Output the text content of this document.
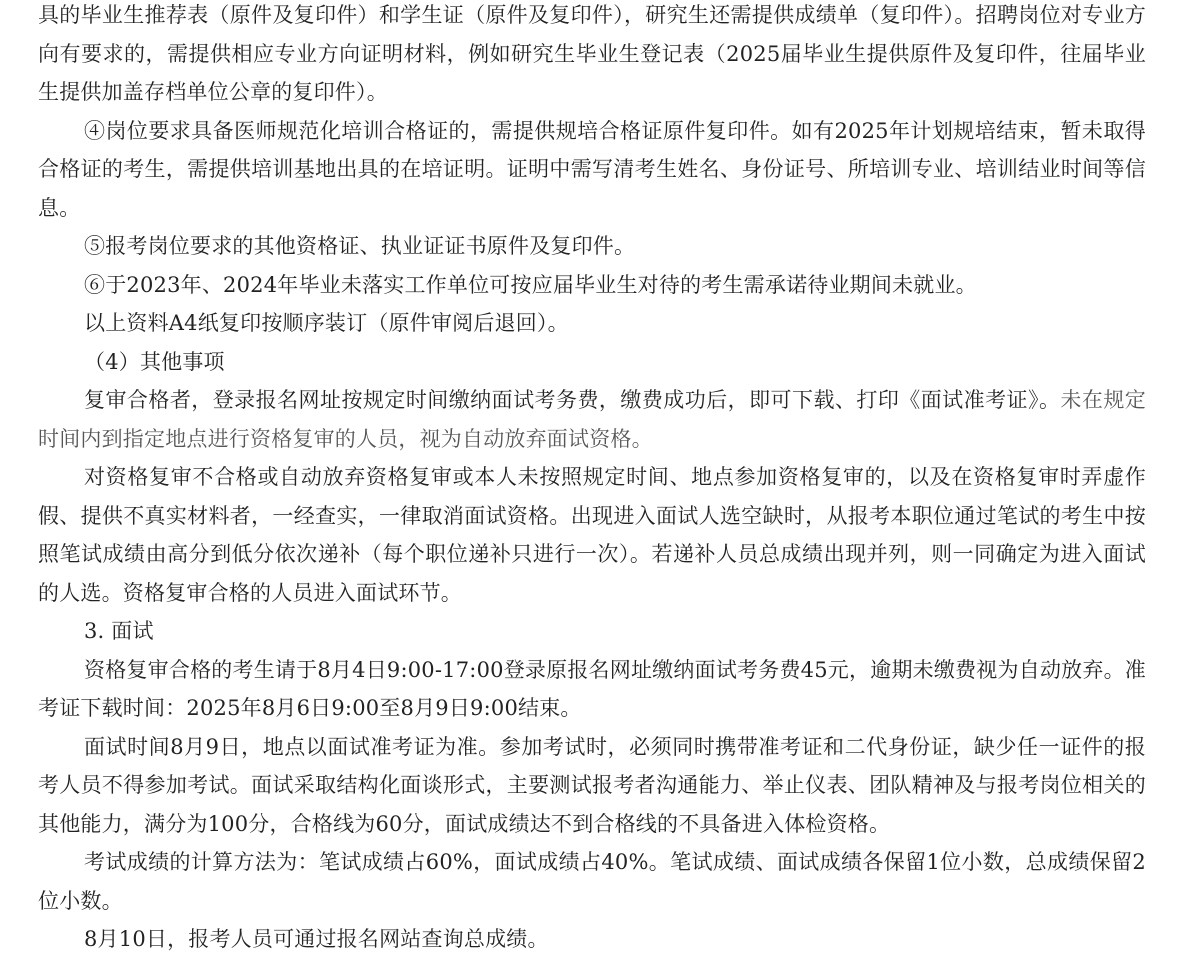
具的毕业生推荐表（原件及复印件）和学生证（原件及复印件），研究生还需提供成绩单（复印件）。招聘岗位对专业方向有要求的，需提供相应专业方向证明材料，例如研究生毕业生登记表（2025届毕业生提供原件及复印件，往届毕业生提供加盖存档单位公章的复印件）。

④岗位要求具备医师规范化培训合格证的，需提供规培合格证原件复印件。如有2025年计划规培结束，暂未取得合格证的考生，需提供培训基地出具的在培证明。证明中需写清考生姓名、身份证号、所培训专业、培训结业时间等信息。

⑤报考岗位要求的其他资格证、执业证证书原件及复印件。

⑥于2023年、2024年毕业未落实工作单位可按应届毕业生对待的考生需承诺待业期间未就业。

以上资料A4纸复印按顺序装订（原件审阅后退回）。

（4）其他事项

复审合格者，登录报名网址按规定时间缴纳面试考务费，缴费成功后，即可下载、打印《面试准考证》。未在规定时间内到指定地点进行资格复审的人员，视为自动放弃面试资格。

对资格复审不合格或自动放弃资格复审或本人未按照规定时间、地点参加资格复审的，以及在资格复审时弄虚作假、提供不真实材料者，一经查实，一律取消面试资格。出现进入面试人选空缺时，从报考本职位通过笔试的考生中按照笔试成绩由高分到低分依次递补（每个职位递补只进行一次）。若递补人员总成绩出现并列，则一同确定为进入面试的人选。资格复审合格的人员进入面试环节。

3. 面试

资格复审合格的考生请于8月4日9:00-17:00登录原报名网址缴纳面试考务费45元，逾期未缴费视为自动放弃。准考证下载时间：2025年8月6日9:00至8月9日9:00结束。

面试时间8月9日，地点以面试准考证为准。参加考试时，必须同时携带准考证和二代身份证，缺少任一证件的报考人员不得参加考试。面试采取结构化面谈形式，主要测试报考者沟通能力、举止仪表、团队精神及与报考岗位相关的其他能力，满分为100分，合格线为60分，面试成绩达不到合格线的不具备进入体检资格。

考试成绩的计算方法为：笔试成绩占60%，面试成绩占40%。笔试成绩、面试成绩各保留1位小数，总成绩保留2位小数。

8月10日，报考人员可通过报名网站查询总成绩。
